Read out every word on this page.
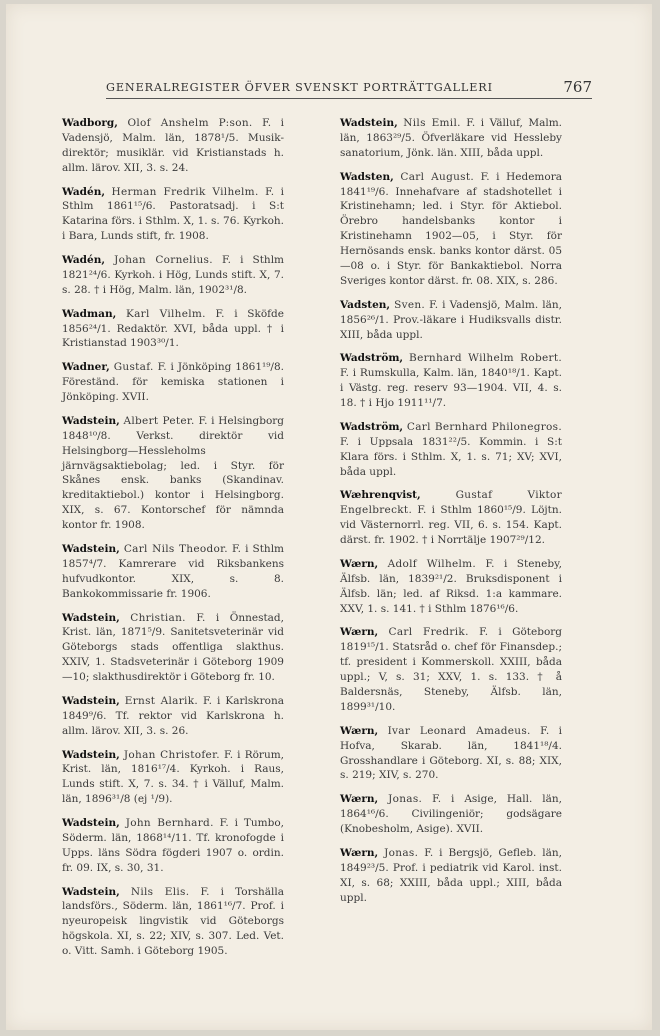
GENERALREGISTER ÖFVER SVENSKT PORTRÄTTGALLERI	767

Wadborg, Olof Anshelm P:son. F. i Vadensjö, Malm. län, 1878¹/5. Musik-direktör; musiklär. vid Kristianstads h. allm. lärov. XII, 3. s. 24.

Wadén, Herman Fredrik Vilhelm. F. i Sthlm 1861¹⁵/6. Pastoratsadj. i S:t Katarina förs. i Sthlm. X, 1. s. 76. Kyrkoh. i Bara, Lunds stift, fr. 1908.

Wadén, Johan Cornelius. F. i Sthlm 1821²⁴/6. Kyrkoh. i Hög, Lunds stift. X, 7. s. 28. † i Hög, Malm. län, 1902³¹/8.

Wadman, Karl Vilhelm. F. i Sköfde 1856²⁴/1. Redaktör. XVI, båda uppl. † i Kristianstad 1903³⁰/1.

Wadner, Gustaf. F. i Jönköping 1861¹⁹/8. Föreständ. för kemiska stationen i Jönköping. XVII.

Wadstein, Albert Peter. F. i Helsingborg 1848¹⁰/8. Verkst. direktör vid Helsingborg—Hessleholms järnvägsaktiebolag; led. i Styr. för Skånes ensk. banks (Skandinav. kreditaktiebol.) kontor i Helsingborg. XIX, s. 67. Kontorschef för nämnda kontor fr. 1908.

Wadstein, Carl Nils Theodor. F. i Sthlm 1857⁴/7. Kamrerare vid Riksbankens hufvudkontor. XIX, s. 8. Bankokommissarie fr. 1906.

Wadstein, Christian. F. i Önnestad, Krist. län, 1871⁵/9. Sanitetsveterinär vid Göteborgs stads offentliga slakthus. XXIV, 1. Stadsveterinär i Göteborg 1909—10; slakthusdirektör i Göteborg fr. 10.

Wadstein, Ernst Alarik. F. i Karlskrona 1849⁹/6. Tf. rektor vid Karlskrona h. allm. lärov. XII, 3. s. 26.

Wadstein, Johan Christofer. F. i Rörum, Krist. län, 1816¹⁷/4. Kyrkoh. i Raus, Lunds stift. X, 7. s. 34. † i Välluf, Malm. län, 1896³¹/8 (ej ¹/9).

Wadstein, John Bernhard. F. i Tumbo, Söderm. län, 1868¹⁴/11. Tf. kronofogde i Upps. läns Södra fögderi 1907 o. ordin. fr. 09. IX, s. 30, 31.

Wadstein, Nils Elis. F. i Torshälla landsförs., Söderm. län, 1861¹⁶/7. Prof. i nyeuropeisk lingvistik vid Göteborgs högskola. XI, s. 22; XIV, s. 307. Led. Vet. o. Vitt. Samh. i Göteborg 1905.

Wadstein, Nils Emil. F. i Välluf, Malm. län, 1863²⁹/5. Öfverläkare vid Hessleby sanatorium, Jönk. län. XIII, båda uppl.

Wadsten, Carl August. F. i Hedemora 1841¹⁹/6. Innehafvare af stadshotellet i Kristinehamn; led. i Styr. för Aktiebol. Örebro handelsbanks kontor i Kristinehamn 1902—05, i Styr. för Hernösands ensk. banks kontor därst. 05—08 o. i Styr. för Bankaktiebol. Norra Sveriges kontor därst. fr. 08. XIX, s. 286.

Vadsten, Sven. F. i Vadensjö, Malm. län, 1856²⁶/1. Prov.-läkare i Hudiksvalls distr. XIII, båda uppl.

Wadström, Bernhard Wilhelm Robert. F. i Rumskulla, Kalm. län, 1840¹⁸/1. Kapt. i Västg. reg. reserv 93—1904. VII, 4. s. 18. † i Hjo 1911¹¹/7.

Wadström, Carl Bernhard Philonegros. F. i Uppsala 1831²²/5. Kommin. i S:t Klara förs. i Sthlm. X, 1. s. 71; XV; XVI, båda uppl.

Wæhrenqvist,	Gustaf Viktor Engelbreckt. F. i Sthlm 1860¹⁵/9. Löjtn. vid Västernorrl. reg. VII, 6. s. 154. Kapt. därst. fr. 1902. † i Norrtälje 1907²⁹/12.

Wærn, Adolf Wilhelm. F. i Steneby, Älfsb. län, 1839²¹/2. Bruksdisponent i Älfsb. län; led. af Riksd. 1:a kammare. XXV, 1. s. 141. † i Sthlm 1876¹⁶/6.

Wærn, Carl Fredrik. F. i Göteborg 1819¹⁵/1. Statsråd o. chef för Finansdep.; tf. president i Kommerskoll. XXIII, båda uppl.; V, s. 31; XXV, 1. s. 133. † å Baldersnäs, Steneby, Älfsb. län, 1899³¹/10.

Wærn, Ivar Leonard Amadeus. F. i Hofva, Skarab. län, 1841¹⁸/4. Grosshandlare i Göteborg. XI, s. 88; XIX, s. 219; XIV, s. 270.

Wærn, Jonas. F. i Asige, Hall. län, 1864¹⁶/6. Civilingeniör; godsägare (Knobesholm, Asige). XVII.

Wærn, Jonas. F. i Bergsjö, Gefleb. län, 1849²³/5. Prof. i pediatrik vid Karol. inst. XI, s. 68; XXIII, båda uppl.; XIII, båda uppl.
